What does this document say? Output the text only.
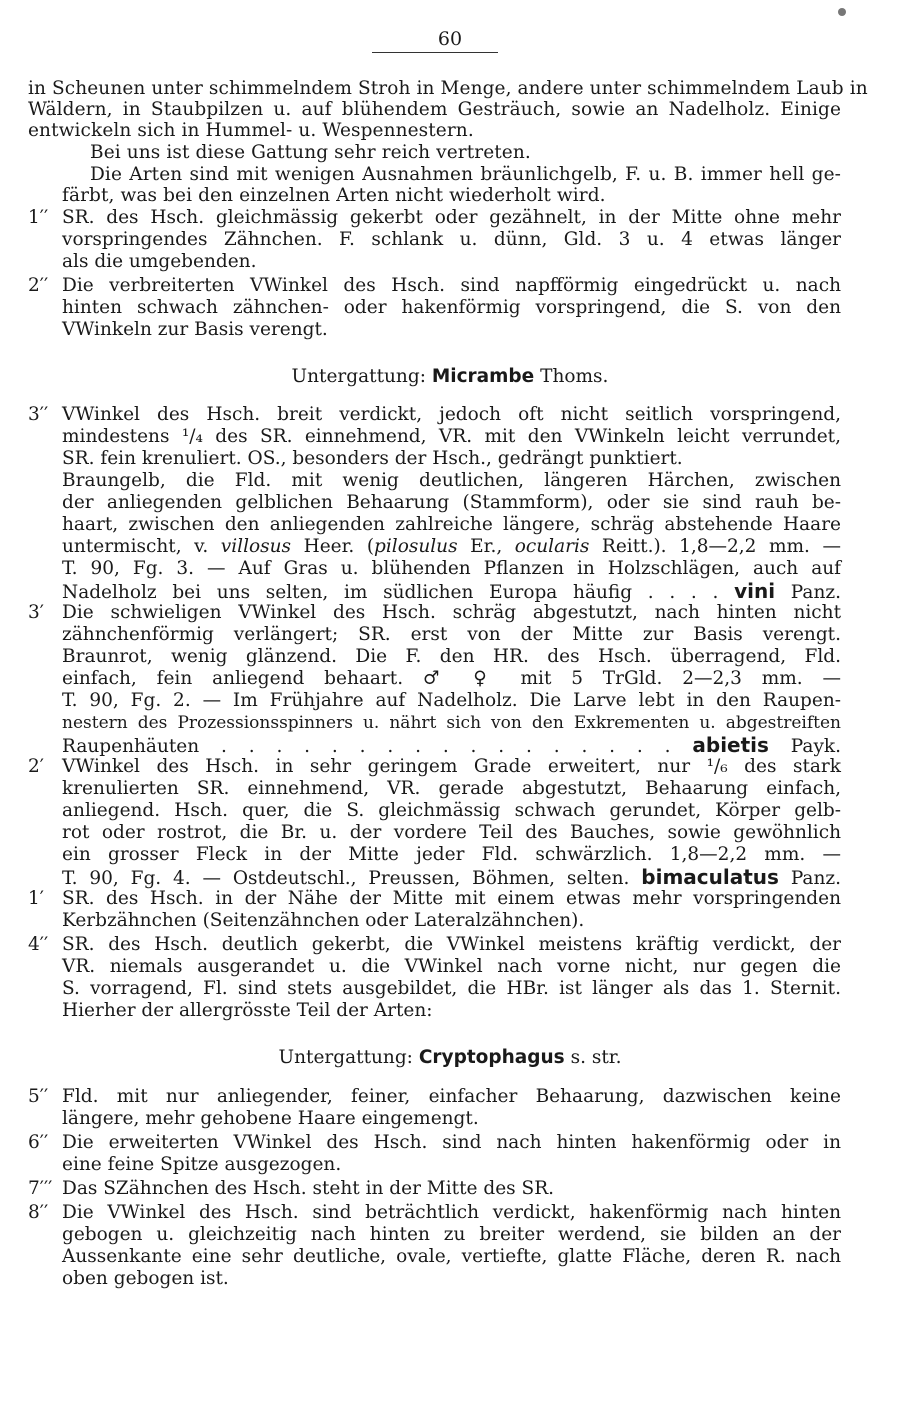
60
in Scheunen unter schimmelndem Stroh in Menge, andere unter schimmelndem Laub in
Wäldern, in Staubpilzen u. auf blühendem Gesträuch, sowie an Nadelholz. Einige
entwickeln sich in Hummel- u. Wespennestern.
Bei uns ist diese Gattung sehr reich vertreten.
Die Arten sind mit wenigen Ausnahmen bräunlichgelb, F. u. B. immer hell ge-
färbt, was bei den einzelnen Arten nicht wiederholt wird.
1′′ SR. des Hsch. gleichmässig gekerbt oder gezähnelt, in der Mitte ohne mehr
vorspringendes Zähnchen. F. schlank u. dünn, Gld. 3 u. 4 etwas länger
als die umgebenden.
2′′ Die verbreiterten VWinkel des Hsch. sind napfförmig eingedrückt u. nach
hinten schwach zähnchen- oder hakenförmig vorspringend, die S. von den
VWinkeln zur Basis verengt.
Untergattung: Micrambe Thoms.
3′′ VWinkel des Hsch. breit verdickt, jedoch oft nicht seitlich vorspringend,
mindestens ¹/₄ des SR. einnehmend, VR. mit den VWinkeln leicht verrundet,
SR. fein krenuliert. OS., besonders der Hsch., gedrängt punktiert.
Braungelb, die Fld. mit wenig deutlichen, längeren Härchen, zwischen
der anliegenden gelblichen Behaarung (Stammform), oder sie sind rauh be-
haart, zwischen den anliegenden zahlreiche längere, schräg abstehende Haare
untermischt, v. villosus Heer. (pilosulus Er., ocularis Reitt.). 1,8—2,2 mm. —
T. 90, Fg. 3. — Auf Gras u. blühenden Pflanzen in Holzschlägen, auch auf
Nadelholz bei uns selten, im südlichen Europa häufig . . . . vini Panz.
3′ Die schwieligen VWinkel des Hsch. schräg abgestutzt, nach hinten nicht
zähnchenförmig verlängert; SR. erst von der Mitte zur Basis verengt.
Braunrot, wenig glänzend. Die F. den HR. des Hsch. überragend, Fld.
einfach, fein anliegend behaart. ♂ ♀ mit 5 TrGld. 2—2,3 mm. —
T. 90, Fg. 2. — Im Frühjahre auf Nadelholz. Die Larve lebt in den Raupen-
nestern des Prozessionsspinners u. nährt sich von den Exkrementen u. abgestreiften
Raupenhäuten . . . . . . . . . . . . . . . . . abietis Payk.
2′ VWinkel des Hsch. in sehr geringem Grade erweitert, nur ¹/₆ des stark
krenulierten SR. einnehmend, VR. gerade abgestutzt, Behaarung einfach,
anliegend. Hsch. quer, die S. gleichmässig schwach gerundet, Körper gelb-
rot oder rostrot, die Br. u. der vordere Teil des Bauches, sowie gewöhnlich
ein grosser Fleck in der Mitte jeder Fld. schwärzlich. 1,8—2,2 mm. —
T. 90, Fg. 4. — Ostdeutschl., Preussen, Böhmen, selten. bimaculatus Panz.
1′ SR. des Hsch. in der Nähe der Mitte mit einem etwas mehr vorspringenden
Kerbzähnchen (Seitenzähnchen oder Lateralzähnchen).
4′′ SR. des Hsch. deutlich gekerbt, die VWinkel meistens kräftig verdickt, der
VR. niemals ausgerandet u. die VWinkel nach vorne nicht, nur gegen die
S. vorragend, Fl. sind stets ausgebildet, die HBr. ist länger als das 1. Sternit.
Hierher der allergrösste Teil der Arten:
Untergattung: Cryptophagus s. str.
5′′ Fld. mit nur anliegender, feiner, einfacher Behaarung, dazwischen keine
längere, mehr gehobene Haare eingemengt.
6′′ Die erweiterten VWinkel des Hsch. sind nach hinten hakenförmig oder in
eine feine Spitze ausgezogen.
7′′′ Das SZähnchen des Hsch. steht in der Mitte des SR.
8′′ Die VWinkel des Hsch. sind beträchtlich verdickt, hakenförmig nach hinten
gebogen u. gleichzeitig nach hinten zu breiter werdend, sie bilden an der
Aussenkante eine sehr deutliche, ovale, vertiefte, glatte Fläche, deren R. nach
oben gebogen ist.
